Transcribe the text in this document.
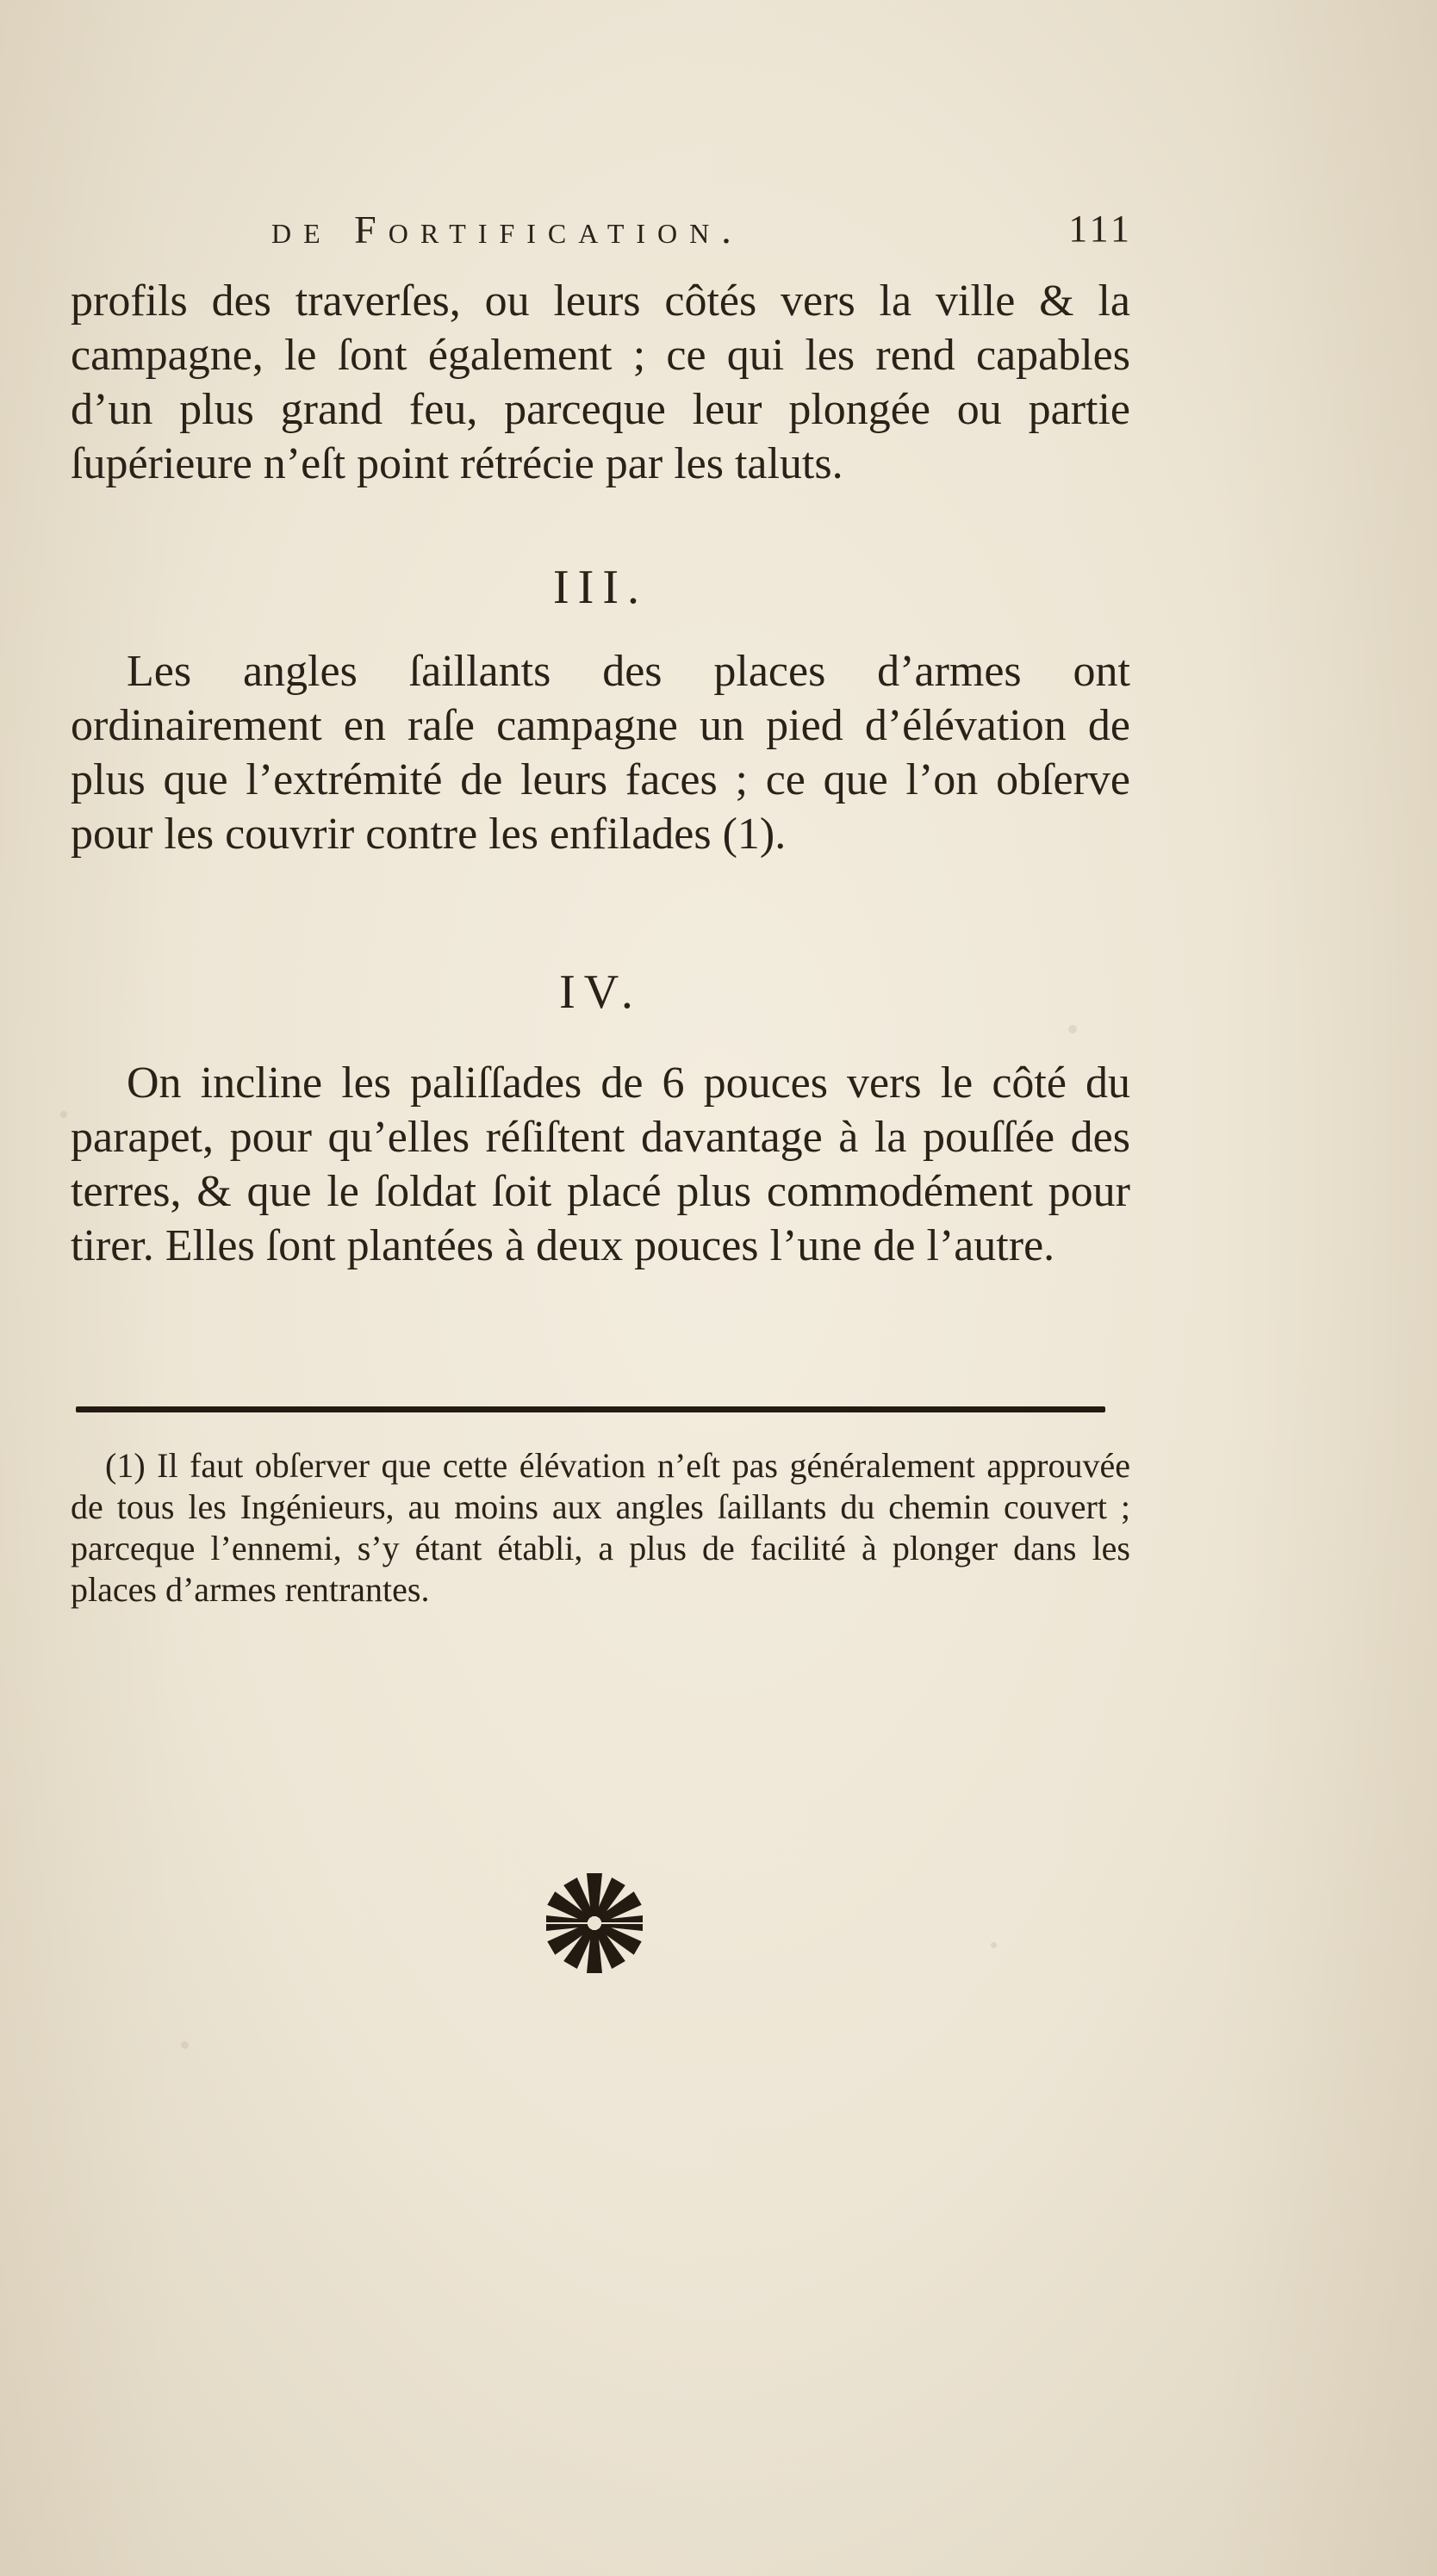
de Fortification.	111

profils des traverſes, ou leurs côtés vers la ville & la campagne, le ſont également ; ce qui les rend capables d’un plus grand feu, parceque leur plongée ou partie ſupérieure n’eſt point rétrécie par les taluts.

III.

Les angles ſaillants des places d’armes ont ordinairement en raſe campagne un pied d’élévation de plus que l’extrémité de leurs faces ; ce que l’on obſerve pour les couvrir contre les enfilades (1).

IV.

On incline les paliſſades de 6 pouces vers le côté du parapet, pour qu’elles réſiſtent davantage à la pouſſée des terres, & que le ſoldat ſoit placé plus commodément pour tirer. Elles ſont plantées à deux pouces l’une de l’autre.

(1) Il faut obſerver que cette élévation n’eſt pas généralement approuvée de tous les Ingénieurs, au moins aux angles ſaillants du chemin couvert ; parceque l’ennemi, s’y étant établi, a plus de facilité à plonger dans les places d’armes rentrantes.
